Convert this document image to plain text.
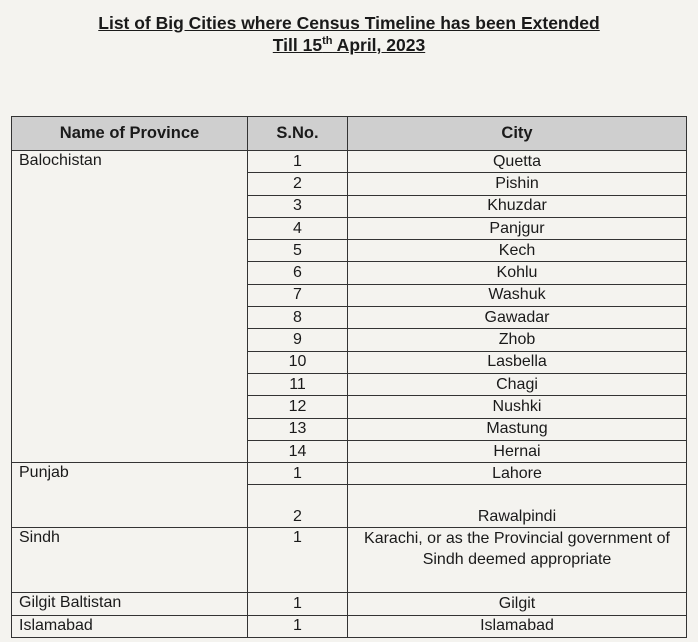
List of Big Cities where Census Timeline has been Extended
Till 15th April, 2023
Name of Province	S.No.	City
Balochistan	1	Quetta
	2	Pishin
	3	Khuzdar
	4	Panjgur
	5	Kech
	6	Kohlu
	7	Washuk
	8	Gawadar
	9	Zhob
	10	Lasbella
	11	Chagi
	12	Nushki
	13	Mastung
	14	Hernai
Punjab	1	Lahore
	2	Rawalpindi
Sindh	1	Karachi, or as the Provincial government of Sindh deemed appropriate
Gilgit Baltistan	1	Gilgit
Islamabad	1	Islamabad
